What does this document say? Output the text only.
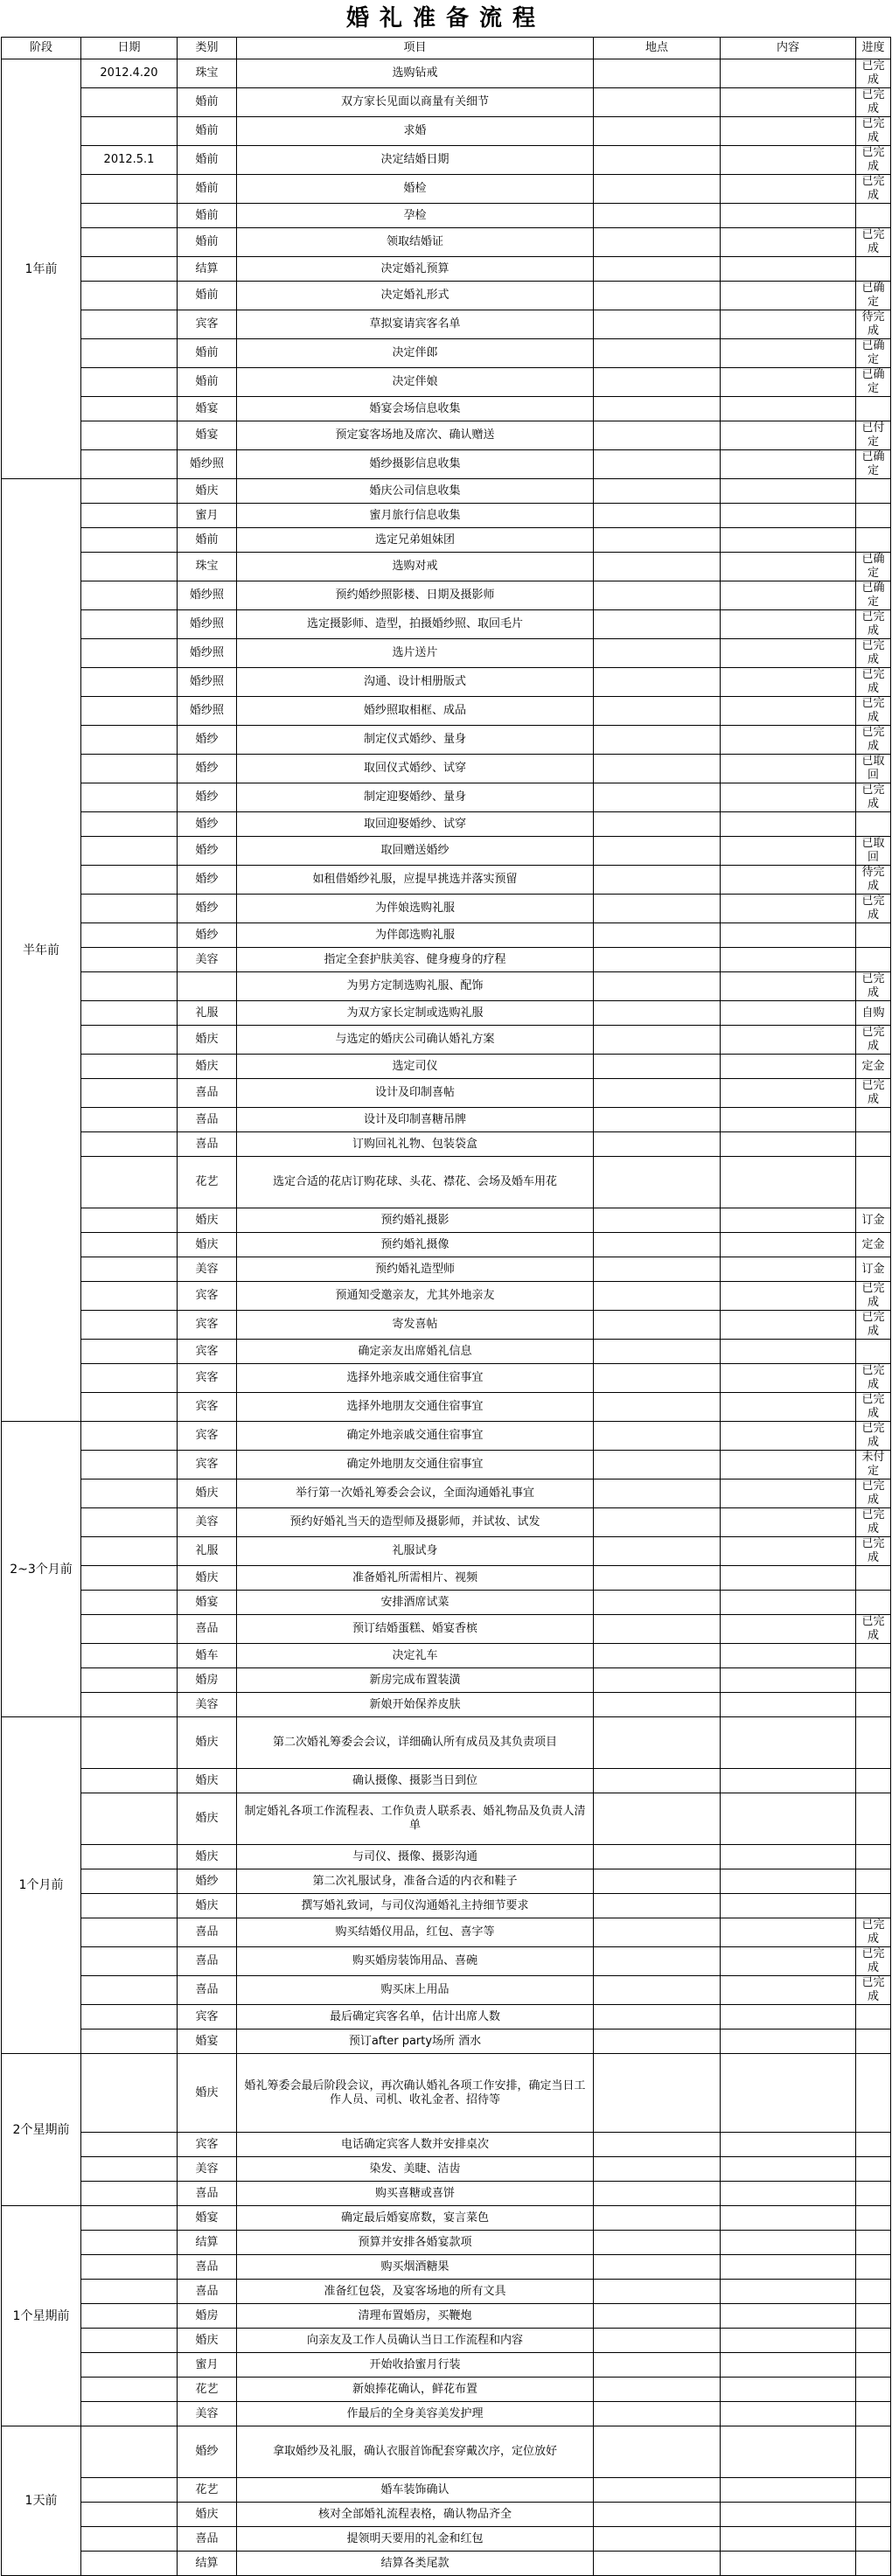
婚礼准备流程
阶段	日期	类别	项目	地点	内容	进度
1年前	2012.4.20	珠宝	选购钻戒			已完成
		婚前	双方家长见面以商量有关细节			已完成
		婚前	求婚			已完成
	2012.5.1	婚前	决定结婚日期			已完成
		婚前	婚检			已完成
		婚前	孕检			
		婚前	领取结婚证			已完成
		结算	决定婚礼预算			
		婚前	决定婚礼形式			已确定
		宾客	草拟宴请宾客名单			待完成
		婚前	决定伴郎			已确定
		婚前	决定伴娘			已确定
		婚宴	婚宴会场信息收集			
		婚宴	预定宴客场地及席次、确认赠送			已付定
		婚纱照	婚纱摄影信息收集			已确定
半年前		婚庆	婚庆公司信息收集			
		蜜月	蜜月旅行信息收集			
		婚前	选定兄弟姐妹团			
		珠宝	选购对戒			已确定
		婚纱照	预约婚纱照影楼、日期及摄影师			已确定
		婚纱照	选定摄影师、造型，拍摄婚纱照、取回毛片			已完成
		婚纱照	选片送片			已完成
		婚纱照	沟通、设计相册版式			已完成
		婚纱照	婚纱照取相框、成品			已完成
		婚纱	制定仪式婚纱、量身			已完成
		婚纱	取回仪式婚纱、试穿			已取回
		婚纱	制定迎娶婚纱、量身			已完成
		婚纱	取回迎娶婚纱、试穿			
		婚纱	取回赠送婚纱			已取回
		婚纱	如租借婚纱礼服，应提早挑选并落实预留			待完成
		婚纱	为伴娘选购礼服			已完成
		婚纱	为伴郎选购礼服			
		美容	指定全套护肤美容、健身瘦身的疗程			
			为男方定制选购礼服、配饰			已完成
		礼服	为双方家长定制或选购礼服			自购
		婚庆	与选定的婚庆公司确认婚礼方案			已完成
		婚庆	选定司仪			定金
		喜品	设计及印制喜帖			已完成
		喜品	设计及印制喜糖吊牌			
		喜品	订购回礼礼物、包装袋盒			
		花艺	选定合适的花店订购花球、头花、襟花、会场及婚车用花			
		婚庆	预约婚礼摄影			订金
		婚庆	预约婚礼摄像			定金
		美容	预约婚礼造型师			订金
		宾客	预通知受邀亲友，尤其外地亲友			已完成
		宾客	寄发喜帖			已完成
		宾客	确定亲友出席婚礼信息			
		宾客	选择外地亲戚交通住宿事宜			已完成
		宾客	选择外地朋友交通住宿事宜			已完成
2~3个月前		宾客	确定外地亲戚交通住宿事宜			已完成
		宾客	确定外地朋友交通住宿事宜			未付定
		婚庆	举行第一次婚礼筹委会会议，全面沟通婚礼事宜			已完成
		美容	预约好婚礼当天的造型师及摄影师，并试妆、试发			已完成
		礼服	礼服试身			已完成
		婚庆	准备婚礼所需相片、视频			
		婚宴	安排酒席试菜			
		喜品	预订结婚蛋糕、婚宴香槟			已完成
		婚车	决定礼车			
		婚房	新房完成布置装潢			
		美容	新娘开始保养皮肤			
1个月前		婚庆	第二次婚礼筹委会会议，详细确认所有成员及其负责项目			
		婚庆	确认摄像、摄影当日到位			
		婚庆	制定婚礼各项工作流程表、工作负责人联系表、婚礼物品及负责人清单			
		婚庆	与司仪、摄像、摄影沟通			
		婚纱	第二次礼服试身，准备合适的内衣和鞋子			
		婚庆	撰写婚礼致词，与司仪沟通婚礼主持细节要求			
		喜品	购买结婚仪用品，红包、喜字等			已完成
		喜品	购买婚房装饰用品、喜碗			已完成
		喜品	购买床上用品			已完成
		宾客	最后确定宾客名单，估计出席人数			
		婚宴	预订after party场所 酒水			
2个星期前		婚庆	婚礼筹委会最后阶段会议，再次确认婚礼各项工作安排，确定当日工作人员、司机、收礼金者、招待等			
		宾客	电话确定宾客人数并安排桌次			
		美容	染发、美睫、洁齿			
		喜品	购买喜糖或喜饼			
1个星期前		婚宴	确定最后婚宴席数，宴言菜色			
		结算	预算并安排各婚宴款项			
		喜品	购买烟酒糖果			
		喜品	准备红包袋，及宴客场地的所有文具			
		婚房	清理布置婚房，买鞭炮			
		婚庆	向亲友及工作人员确认当日工作流程和内容			
		蜜月	开始收拾蜜月行装			
		花艺	新娘捧花确认，鲜花布置			
		美容	作最后的全身美容美发护理			
1天前		婚纱	拿取婚纱及礼服，确认衣服首饰配套穿戴次序，定位放好			
		花艺	婚车装饰确认			
		婚庆	核对全部婚礼流程表格，确认物品齐全			
		喜品	提领明天要用的礼金和红包			
		结算	结算各类尾款			
